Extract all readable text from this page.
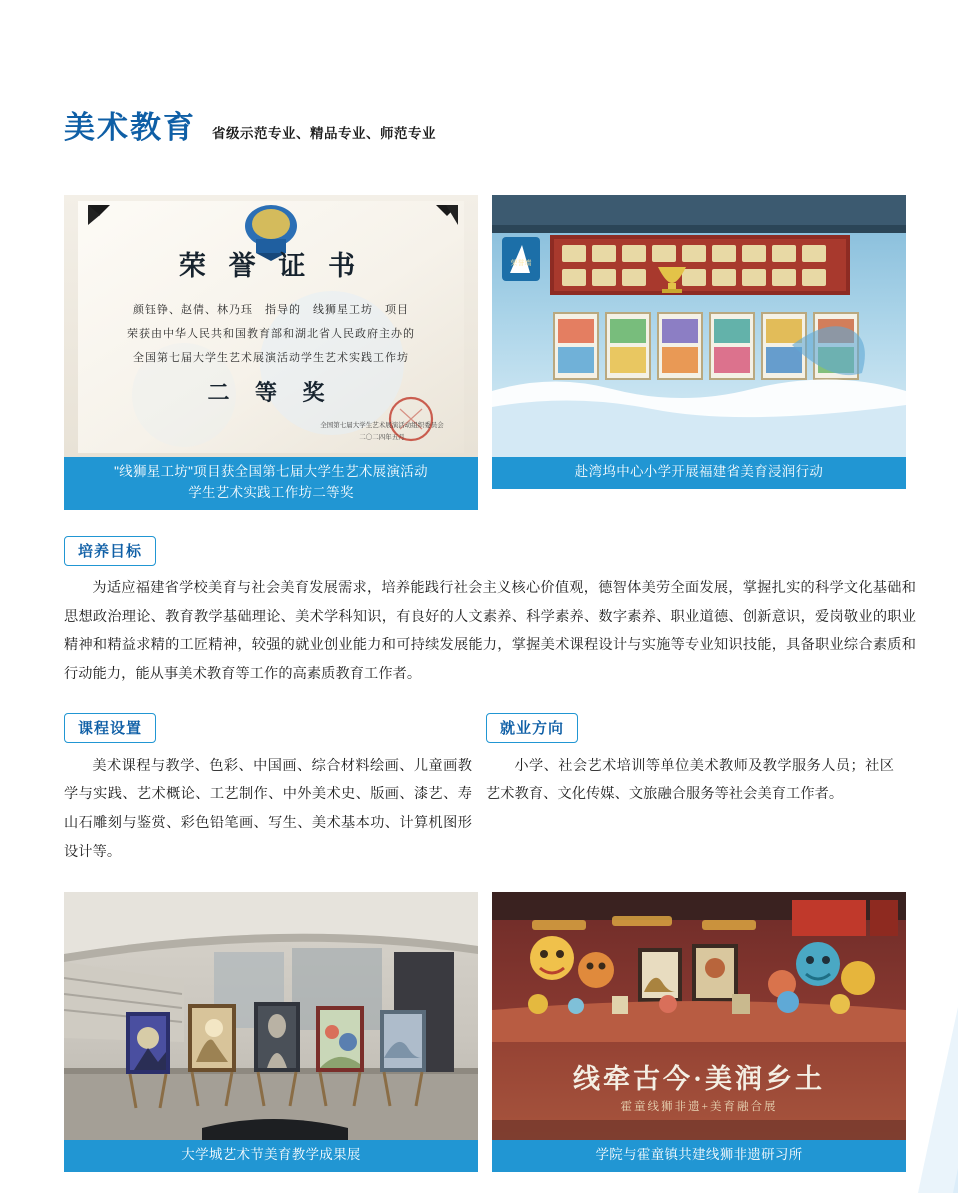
美术教育 省级示范专业、精品专业、师范专业
荣 誉 证 书
颜钰铮、赵倩、林乃珏　指导的　线狮星工坊　项目
荣获由中华人民共和国教育部和湖北省人民政府主办的
全国第七届大学生艺术展演活动学生艺术实践工作坊
二 等 奖
全国第七届大学生艺术展演活动组织委员会
二〇二四年五月
"线狮星工坊"项目获全国第七届大学生艺术展演活动
学生艺术实践工作坊二等奖
荣誉墙
赴湾坞中心小学开展福建省美育浸润行动
培养目标
为适应福建省学校美育与社会美育发展需求，培养能践行社会主义核心价值观，德智体美劳全面发展，掌握扎实的科学文化基础和思想政治理论、教育教学基础理论、美术学科知识，有良好的人文素养、科学素养、数字素养、职业道德、创新意识，爱岗敬业的职业精神和精益求精的工匠精神，较强的就业创业能力和可持续发展能力，掌握美术课程设计与实施等专业知识技能，具备职业综合素质和行动能力，能从事美术教育等工作的高素质教育工作者。
课程设置
美术课程与教学、色彩、中国画、综合材料绘画、儿童画教学与实践、艺术概论、工艺制作、中外美术史、版画、漆艺、寿山石雕刻与鉴赏、彩色铅笔画、写生、美术基本功、计算机图形设计等。
就业方向
小学、社会艺术培训等单位美术教师及教学服务人员；社区艺术教育、文化传媒、文旅融合服务等社会美育工作者。
大学城艺术节美育教学成果展
线牵古今·美润乡土
霍童线狮非遗+美育融合展
学院与霍童镇共建线狮非遗研习所
